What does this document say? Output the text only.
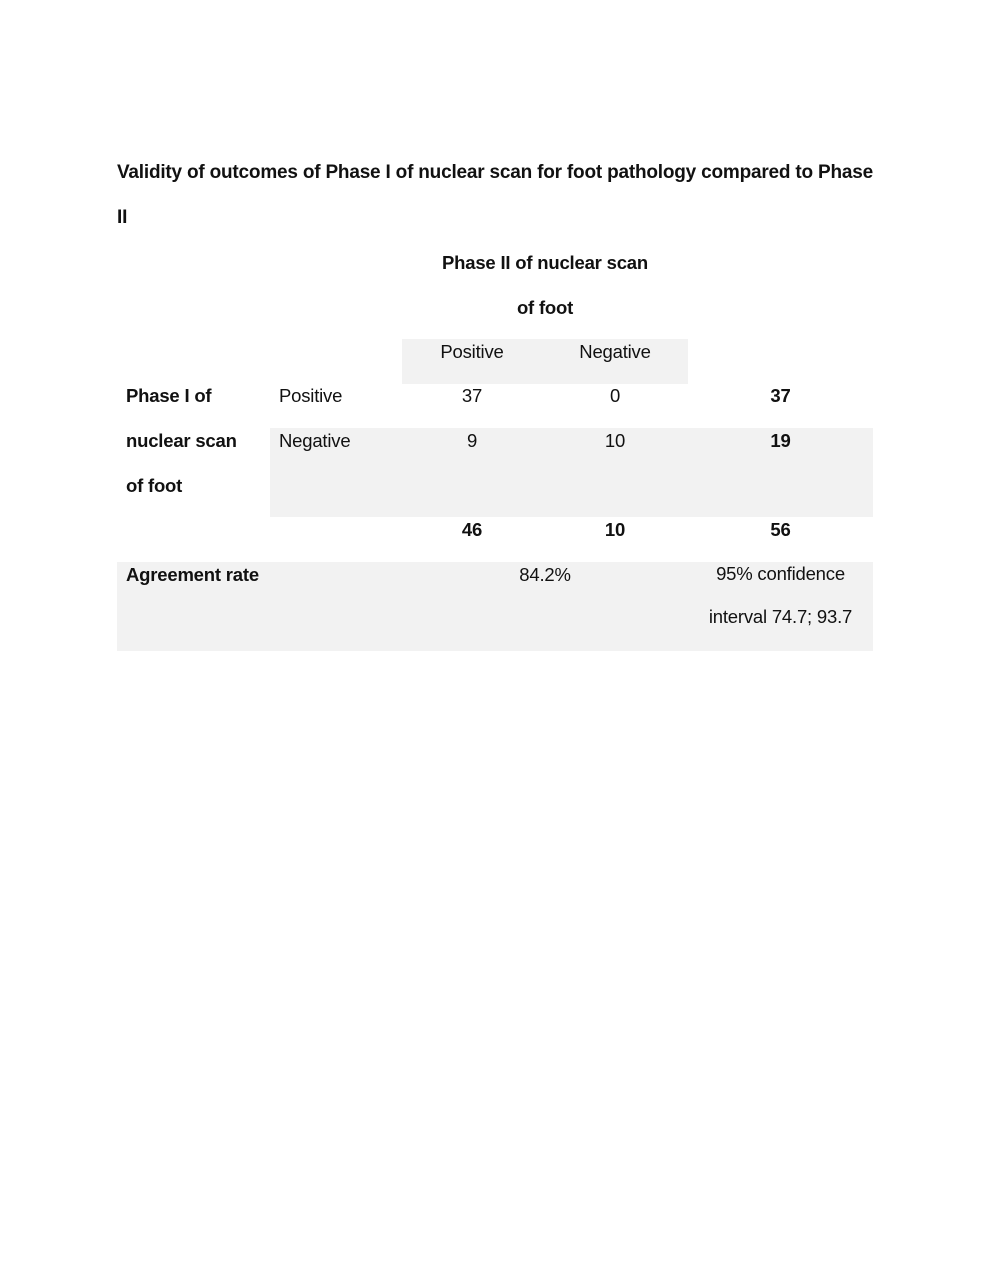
Validity of outcomes of Phase I of nuclear scan for foot pathology compared to Phase II
Phase II of nuclear scan of foot
Positive	Negative
Phase I of nuclear scan of foot
Positive	37	0	37
Negative	9	10	19
46	10	56
Agreement rate	84.2%	95% confidence interval 74.7; 93.7
